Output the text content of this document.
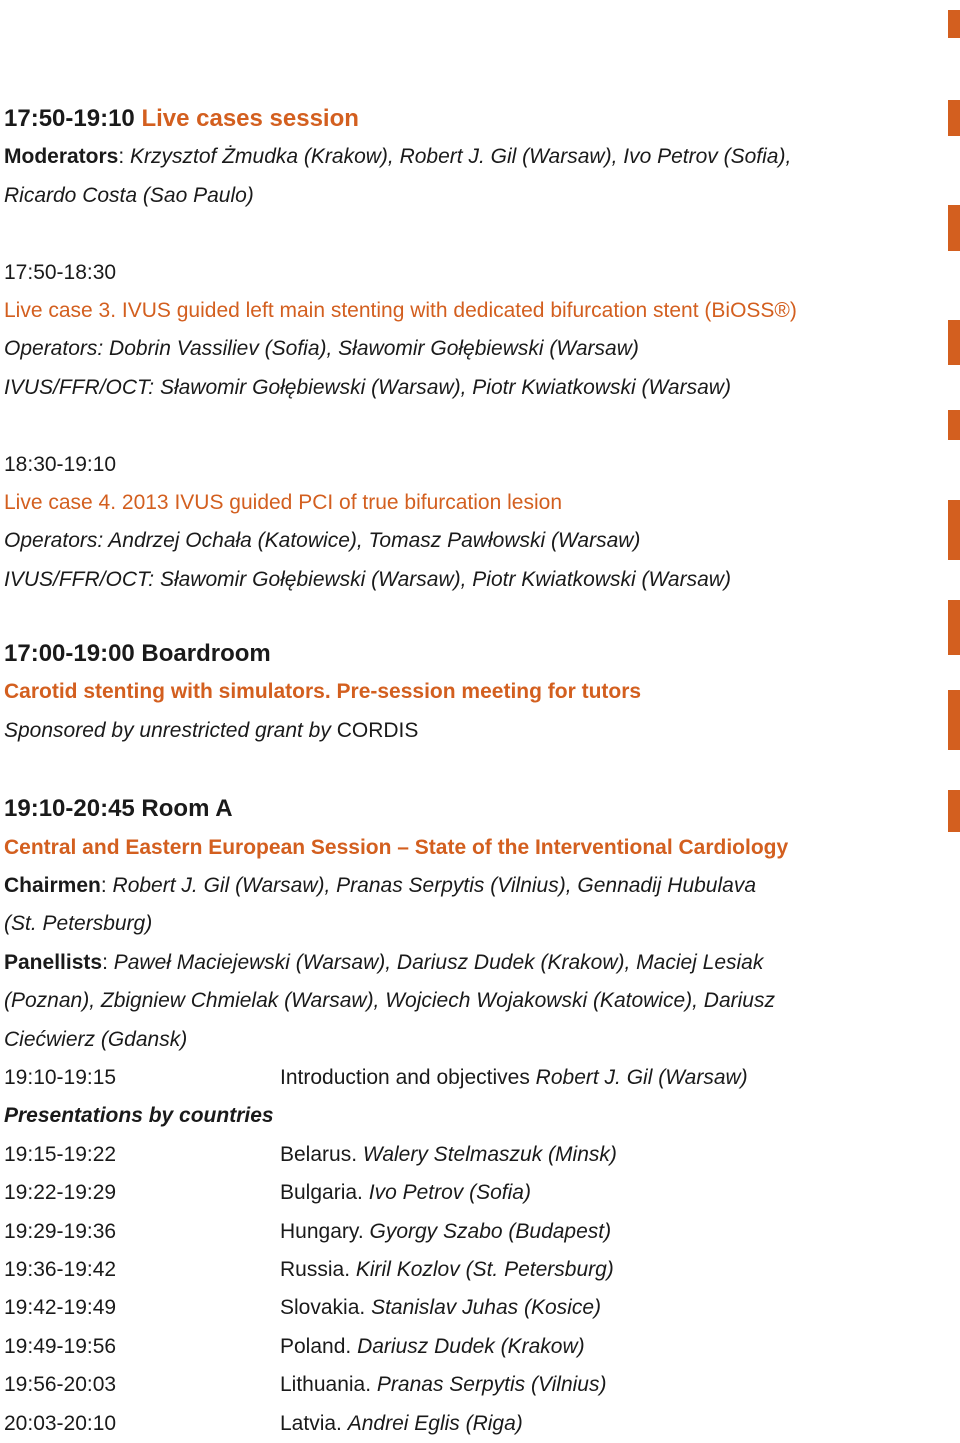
17:50-19:10 Live cases session
Moderators: Krzysztof Żmudka (Krakow), Robert J. Gil (Warsaw), Ivo Petrov (Sofia),
Ricardo Costa (Sao Paulo)
17:50-18:30
Live case 3. IVUS guided left main stenting with dedicated bifurcation stent (BiOSS®)
Operators: Dobrin Vassiliev (Sofia), Sławomir Gołębiewski (Warsaw)
IVUS/FFR/OCT: Sławomir Gołębiewski (Warsaw), Piotr Kwiatkowski (Warsaw)
18:30-19:10
Live case 4. 2013 IVUS guided PCI of true bifurcation lesion
Operators: Andrzej Ochała (Katowice), Tomasz Pawłowski (Warsaw)
IVUS/FFR/OCT: Sławomir Gołębiewski (Warsaw), Piotr Kwiatkowski (Warsaw)
17:00-19:00 Boardroom
Carotid stenting with simulators. Pre-session meeting for tutors
Sponsored by unrestricted grant by CORDIS
19:10-20:45 Room A
Central and Eastern European Session – State of the Interventional Cardiology
Chairmen: Robert J. Gil (Warsaw), Pranas Serpytis (Vilnius), Gennadij Hubulava
(St. Petersburg)
Panellists: Paweł Maciejewski (Warsaw), Dariusz Dudek (Krakow), Maciej Lesiak
(Poznan), Zbigniew Chmielak (Warsaw), Wojciech Wojakowski (Katowice), Dariusz
Ciećwierz (Gdansk)
19:10-19:15	Introduction and objectives Robert J. Gil (Warsaw)
Presentations by countries
19:15-19:22	Belarus. Walery Stelmaszuk (Minsk)
19:22-19:29	Bulgaria. Ivo Petrov (Sofia)
19:29-19:36	Hungary. Gyorgy Szabo (Budapest)
19:36-19:42	Russia. Kiril Kozlov (St. Petersburg)
19:42-19:49	Slovakia. Stanislav Juhas (Kosice)
19:49-19:56	Poland. Dariusz Dudek (Krakow)
19:56-20:03	Lithuania. Pranas Serpytis (Vilnius)
20:03-20:10	Latvia. Andrei Eglis (Riga)
